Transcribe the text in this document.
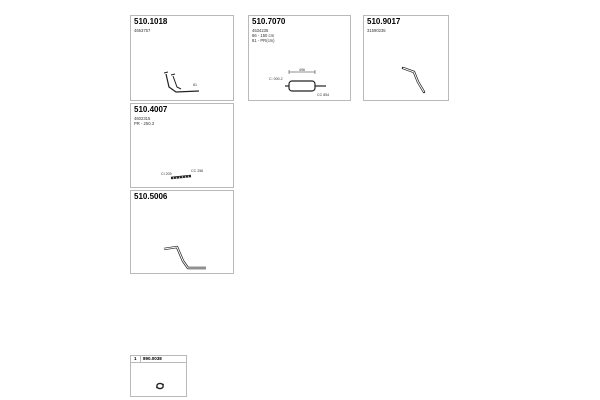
510.1018
4653757
81
510.7070
4534235
86 - 150 cm
81 - PR(cm)
C: 000.2
496
CC 854
510.9017
31590235
510.4007
4602315
PR - 250.3
CI 209
CC 256
510.5006
1 890.0038
